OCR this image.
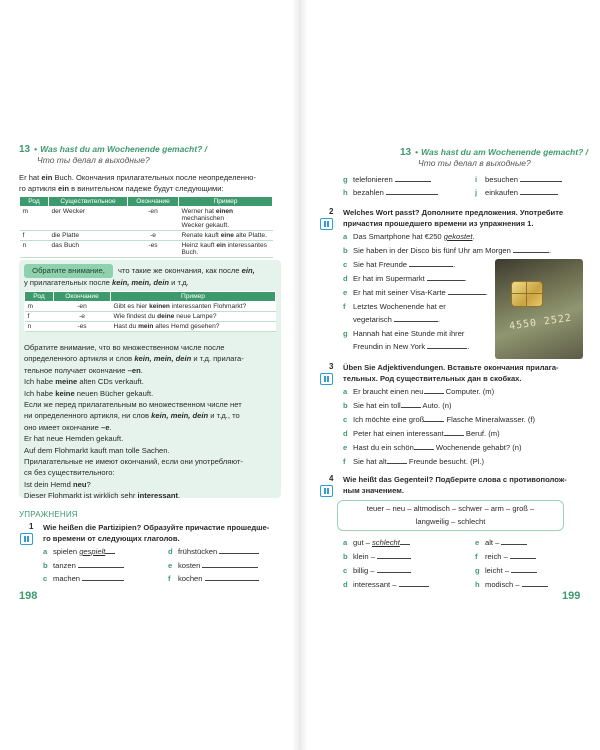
13 • Was hast du am Wochenende gemacht? /
Что ты делал в выходные?
Er hat ein Buch. Окончания прилагательных после неопределенно-
го артикля ein в винительном падеже будут следующими:
Род	Существительное	Окончание	Пример
m	der Wecker	-en	Werner hat einen mechanischen
Wecker gekauft.
f	die Platte	-e	Renate kauft eine alte Platte.
n	das Buch	-es	Heinz kauft ein interessantes
Buch.
Обратите внимание,	что такие же окончания, как после ein,
у прилагательных после kein, mein, dein и т.д.
Род	Окончание	Пример
m	-en	Gibt es hier keinen interessanten Flohmarkt?
f	-e	Wie findest du deine neue Lampe?
n	-es	Hast du mein altes Hemd gesehen?
Обратите внимание, что во множественном числе после
определенного артикля и слов kein, mein, dein и т.д. прилага-
тельное получает окончание –en.
Ich habe meine alten CDs verkauft.
Ich habe keine neuen Bücher gekauft.
Если же перед прилагательным во множественном числе нет
ни определенного артикля, ни слов kein, mein, dein и т.д., то
оно имеет окончание –e.
Er hat neue Hemden gekauft.
Auf dem Flohmarkt kauft man tolle Sachen.
Прилагательные не имеют окончаний, если они употребляют-
ся без существительного:
Ist dein Hemd neu?
Dieser Flohmarkt ist wirklich sehr interessant.
УПРАЖНЕНИЯ
1 Wie heißen die Partizipien? Образуйте причастие прошедше-
го времени от следующих глаголов.
a spielen gespielt
b tanzen
c machen
d frühstücken
e kosten
f kochen
198
13 • Was hast du am Wochenende gemacht? /
Что ты делал в выходные?
g telefonieren
h bezahlen
i besuchen
j einkaufen
2 Welches Wort passt? Дополните предложения. Употребите
причастия прошедшего времени из упражнения 1.
a Das Smartphone hat €250 gekostet.
b Sie haben in der Disco bis fünf Uhr am Morgen	.
c Sie hat Freunde	.
d Er hat im Supermarkt	.
e Er hat mit seiner Visa-Karte	.
f Letztes Wochenende hat er
vegetarisch	.
g Hannah hat eine Stunde mit ihrer
Freundin in New York	.
4550 2522
3 Üben Sie Adjektivendungen. Вставьте окончания прилага-
тельных. Род существительных дан в скобках.
a Er braucht einen neu	Computer. (m)
b Sie hat ein toll	Auto. (n)
c Ich möchte eine groß	Flasche Mineralwasser. (f)
d Peter hat einen interessant	Beruf. (m)
e Hast du ein schön	Wochenende gehabt? (n)
f Sie hat alt	Freunde besucht. (Pl.)
4 Wie heißt das Gegenteil? Подберите слова с противополож-
ным значением.
teuer – neu – altmodisch – schwer – arm – groß –
langweilig – schlecht
a gut – schlecht
b klein –
c billig –
d interessant –
e alt –
f reich –
g leicht –
h modisch –
199
